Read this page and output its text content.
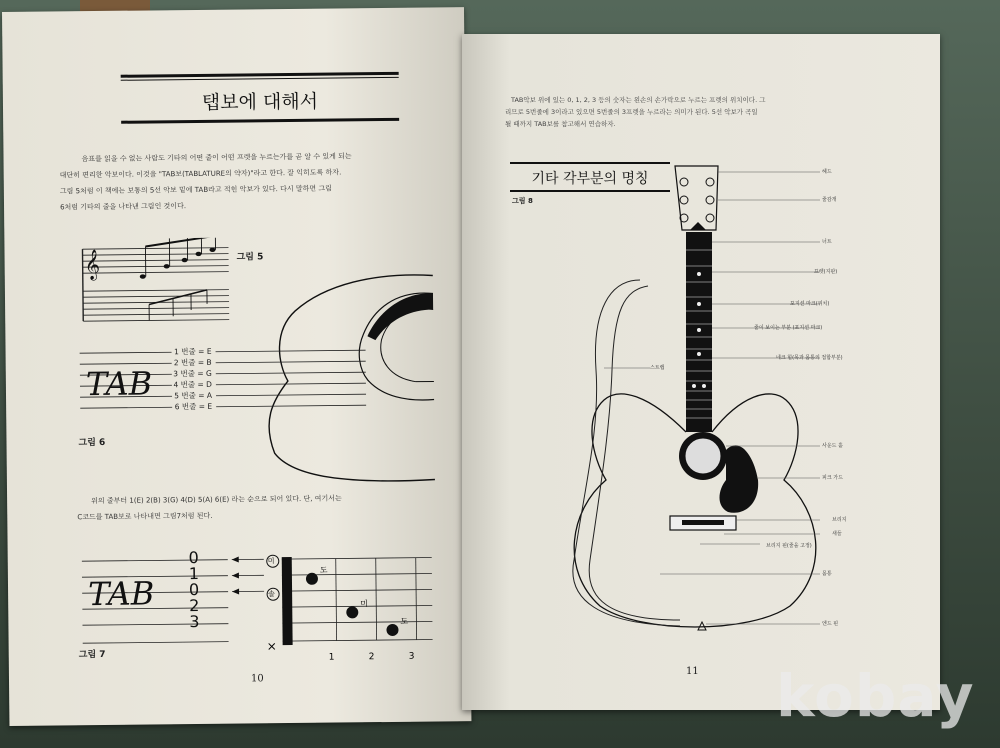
탭보에 대해서
음표를 읽을 수 없는 사람도 기타의 어떤 줄이 어떤 프렛을 누르는가를 곧 알 수 있게 되는
대단히 편리한 악보이다. 이것을 "TAB보(TABLATURE의 약자)"라고 한다. 잘 익히도록 하자.
그림 5처럼 이 책에는 보통의 5선 악보 밑에 TAB라고 적힌 악보가 있다. 다시 말하면 그림
6처럼 기타의 줄을 나타낸 그림인 것이다.
𝄞	그림 5
TAB
1 번줄 = E
2 번줄 = B
3 번줄 = G
4 번줄 = D
5 번줄 = A
6 번줄 = E
그림 6
위의 줄부터 1(E) 2(B) 3(G) 4(D) 5(A) 6(E) 라는 순으로 되어 있다. 단, 여기서는
C코드를 TAB보로 나타내면 그림7처럼 된다.
TAB
0
1
0
2
3
미
솔
도
미
도
×
1	2	3
그림 7
10
TAB악보 위에 있는 0, 1, 2, 3 등의 숫자는 왼손의 손가락으로 누르는 프렛의 위치이다. 그
리므로 5번줄에 3이라고 있으면 5번줄의 3프렛을 누르라는 의미가 된다. 5선 악보가 곡일
될 때까지 TAB보를 참고해서 연습하자.
기타 각부분의 명칭
그림 8
헤드
줄감개
너트
프렛(지판)
포지션 마크(위치)
줄이 보이는 부분 (포지션 마크)
네크 힐(목과 몸통의 접합부분)
스트랩
사운드 홀
피크 가드
브리지
새들
브리지 핀(줄을 고정)
몸통
엔드 핀
11 kobay
